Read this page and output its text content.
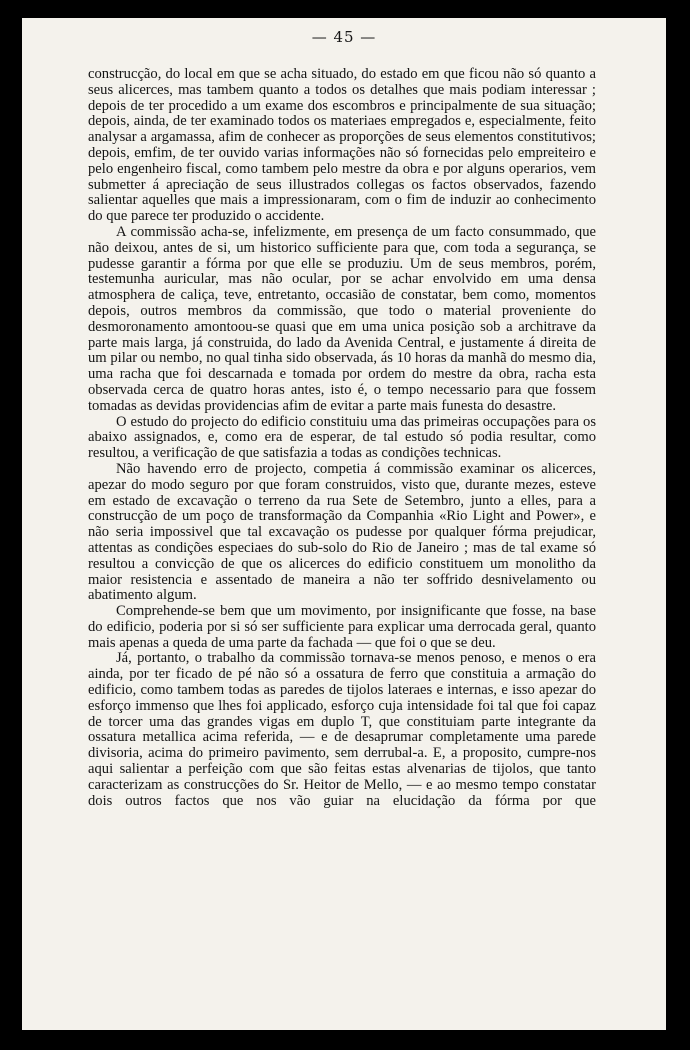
— 45 —

construcção, do local em que se acha situado, do estado em que ficou não só quanto a seus alicerces, mas tambem quanto a todos os detalhes que mais podiam interessar ; depois de ter procedido a um exame dos escombros e principalmente de sua situação; depois, ainda, de ter examinado todos os materiaes empregados e, especialmente, feito analysar a argamassa, afim de conhecer as proporções de seus elementos constitutivos; depois, emfim, de ter ouvido varias informações não só fornecidas pelo empreiteiro e pelo engenheiro fiscal, como tambem pelo mestre da obra e por alguns operarios, vem submetter á apreciação de seus illustrados collegas os factos observados, fazendo salientar aquelles que mais a impressionaram, com o fim de induzir ao conhecimento do que parece ter produzido o accidente.

A commissão acha-se, infelizmente, em presença de um facto consummado, que não deixou, antes de si, um historico sufficiente para que, com toda a segurança, se pudesse garantir a fórma por que elle se produziu. Um de seus membros, porém, testemunha auricular, mas não ocular, por se achar envolvido em uma densa atmosphera de caliça, teve, entretanto, occasião de constatar, bem como, momentos depois, outros membros da commissão, que todo o material proveniente do desmoronamento amontoou-se quasi que em uma unica posição sob a architrave da parte mais larga, já construida, do lado da Avenida Central, e justamente á direita de um pilar ou nembo, no qual tinha sido observada, ás 10 horas da manhã do mesmo dia, uma racha que foi descarnada e tomada por ordem do mestre da obra, racha esta observada cerca de quatro horas antes, isto é, o tempo necessario para que fossem tomadas as devidas providencias afim de evitar a parte mais funesta do desastre.

O estudo do projecto do edificio constituiu uma das primeiras occupações para os abaixo assignados, e, como era de esperar, de tal estudo só podia resultar, como resultou, a verificação de que satisfazia a todas as condições technicas.

Não havendo erro de projecto, competia á commissão examinar os alicerces, apezar do modo seguro por que foram construidos, visto que, durante mezes, esteve em estado de excavação o terreno da rua Sete de Setembro, junto a elles, para a construcção de um poço de transformação da Companhia «Rio Light and Power», e não seria impossivel que tal excavação os pudesse por qualquer fórma prejudicar, attentas as condições especiaes do sub-solo do Rio de Janeiro ; mas de tal exame só resultou a convicção de que os alicerces do edificio constituem um monolitho da maior resistencia e assentado de maneira a não ter soffrido desnivelamento ou abatimento algum.

Comprehende-se bem que um movimento, por insignificante que fosse, na base do edificio, poderia por si só ser sufficiente para explicar uma derrocada geral, quanto mais apenas a queda de uma parte da fachada — que foi o que se deu.

Já, portanto, o trabalho da commissão tornava-se menos penoso, e menos o era ainda, por ter ficado de pé não só a ossatura de ferro que constituia a armação do edificio, como tambem todas as paredes de tijolos lateraes e internas, e isso apezar do esforço immenso que lhes foi applicado, esforço cuja intensidade foi tal que foi capaz de torcer uma das grandes vigas em duplo T, que constituiam parte integrante da ossatura metallica acima referida, — e de desaprumar completamente uma parede divisoria, acima do primeiro pavimento, sem derrubal-a. E, a proposito, cumpre-nos aqui salientar a perfeição com que são feitas estas alvenarias de tijolos, que tanto caracterizam as construcções do Sr. Heitor de Mello, — e ao mesmo tempo constatar dois outros factos que nos vão guiar na elucidação da fórma por que
